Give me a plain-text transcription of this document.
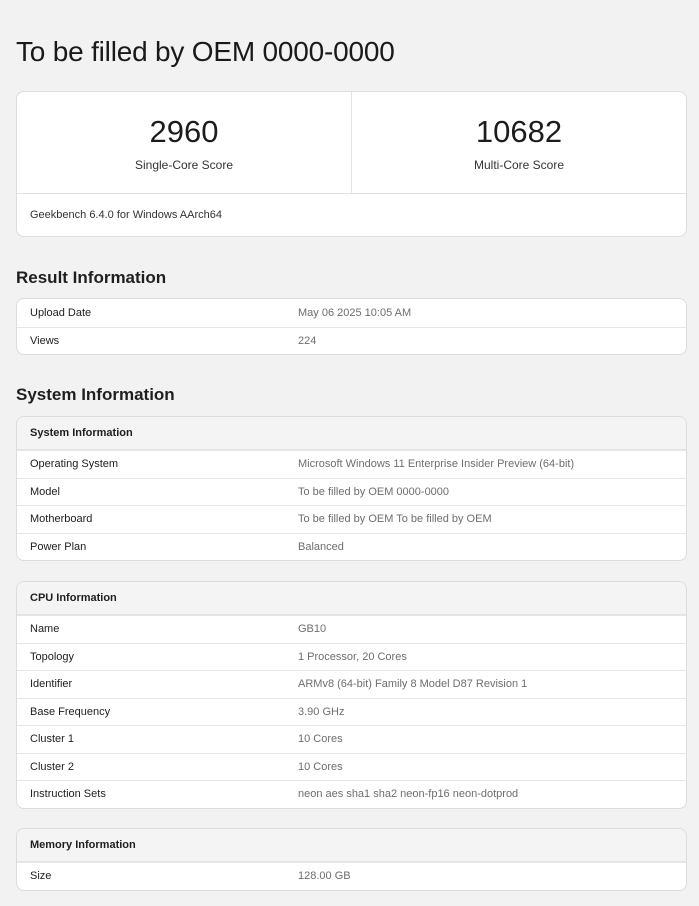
To be filled by OEM 0000-0000
2960
Single-Core Score
10682
Multi-Core Score
Geekbench 6.4.0 for Windows AArch64
Result Information
Upload Date	May 06 2025 10:05 AM
Views	224
System Information
System Information
Operating System	Microsoft Windows 11 Enterprise Insider Preview (64-bit)
Model	To be filled by OEM 0000-0000
Motherboard	To be filled by OEM To be filled by OEM
Power Plan	Balanced
CPU Information
Name	GB10
Topology	1 Processor, 20 Cores
Identifier	ARMv8 (64-bit) Family 8 Model D87 Revision 1
Base Frequency	3.90 GHz
Cluster 1	10 Cores
Cluster 2	10 Cores
Instruction Sets	neon aes sha1 sha2 neon-fp16 neon-dotprod
Memory Information
Size	128.00 GB
